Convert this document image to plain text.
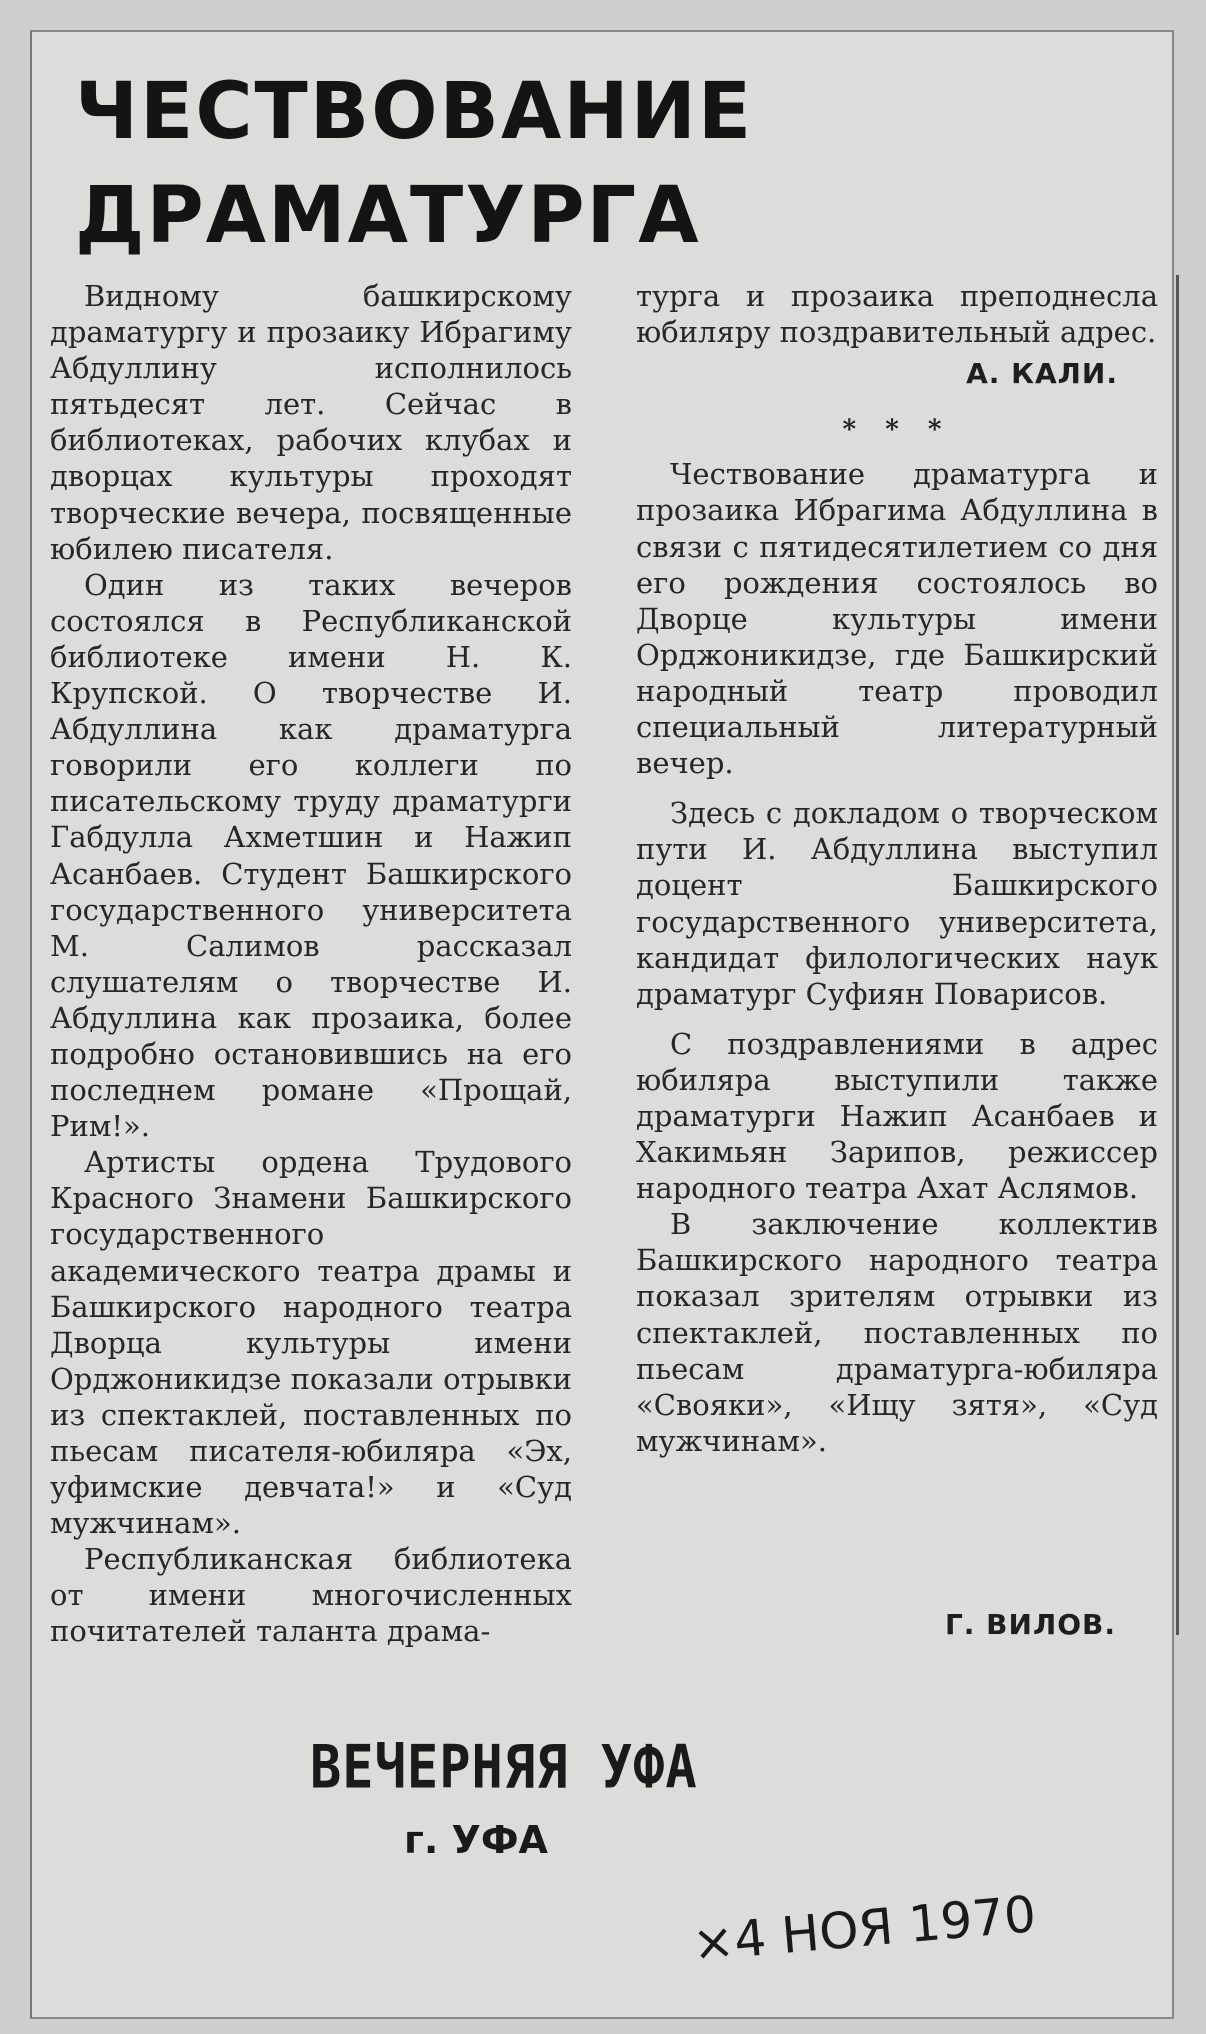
ЧЕСТВОВАНИЕ ДРАМАТУРГА

Видному башкирскому драматургу и прозаику Ибрагиму Абдуллину исполнилось пятьдесят лет. Сейчас в библиотеках, рабочих клубах и дворцах культуры проходят творческие вечера, посвященные юбилею писателя.

Один из таких вечеров состоялся в Республиканской библиотеке имени Н. К. Крупской. О творчестве И. Абдуллина как драматурга говорили его коллеги по писательскому труду драматурги Габдулла Ахметшин и Нажип Асанбаев. Студент Башкирского государственного университета М. Салимов рассказал слушателям о творчестве И. Абдуллина как прозаика, более подробно остановившись на его последнем романе «Прощай, Рим!».

Артисты ордена Трудового Красного Знамени Башкирского государственного академического театра драмы и Башкирского народного театра Дворца культуры имени Орджоникидзе показали отрывки из спектаклей, поставленных по пьесам писателя-юбиляра «Эх, уфимские девчата!» и «Суд мужчинам».

Республиканская библиотека от имени многочисленных почитателей таланта драма-

турга и прозаика преподнесла юбиляру поздравительный адрес.

А. КАЛИ.
* * *

Чествование драматурга и прозаика Ибрагима Абдуллина в связи с пятидесятилетием со дня его рождения состоялось во Дворце культуры имени Орджоникидзе, где Башкирский народный театр проводил специальный литературный вечер.

Здесь с докладом о творческом пути И. Абдуллина выступил доцент Башкирского государственного университета, кандидат филологических наук драматург Суфиян Поварисов.

С поздравлениями в адрес юбиляра выступили также драматурги Нажип Асанбаев и Хакимьян Зарипов, режиссер народного театра Ахат Аслямов.

В заключение коллектив Башкирского народного театра показал зрителям отрывки из спектаклей, поставленных по пьесам драматурга-юбиляра «Свояки», «Ищу зятя», «Суд мужчинам».

Г. ВИЛОВ.
ВЕЧЕРНЯЯ УФА
г. УФА
×4 НОЯ 1970
